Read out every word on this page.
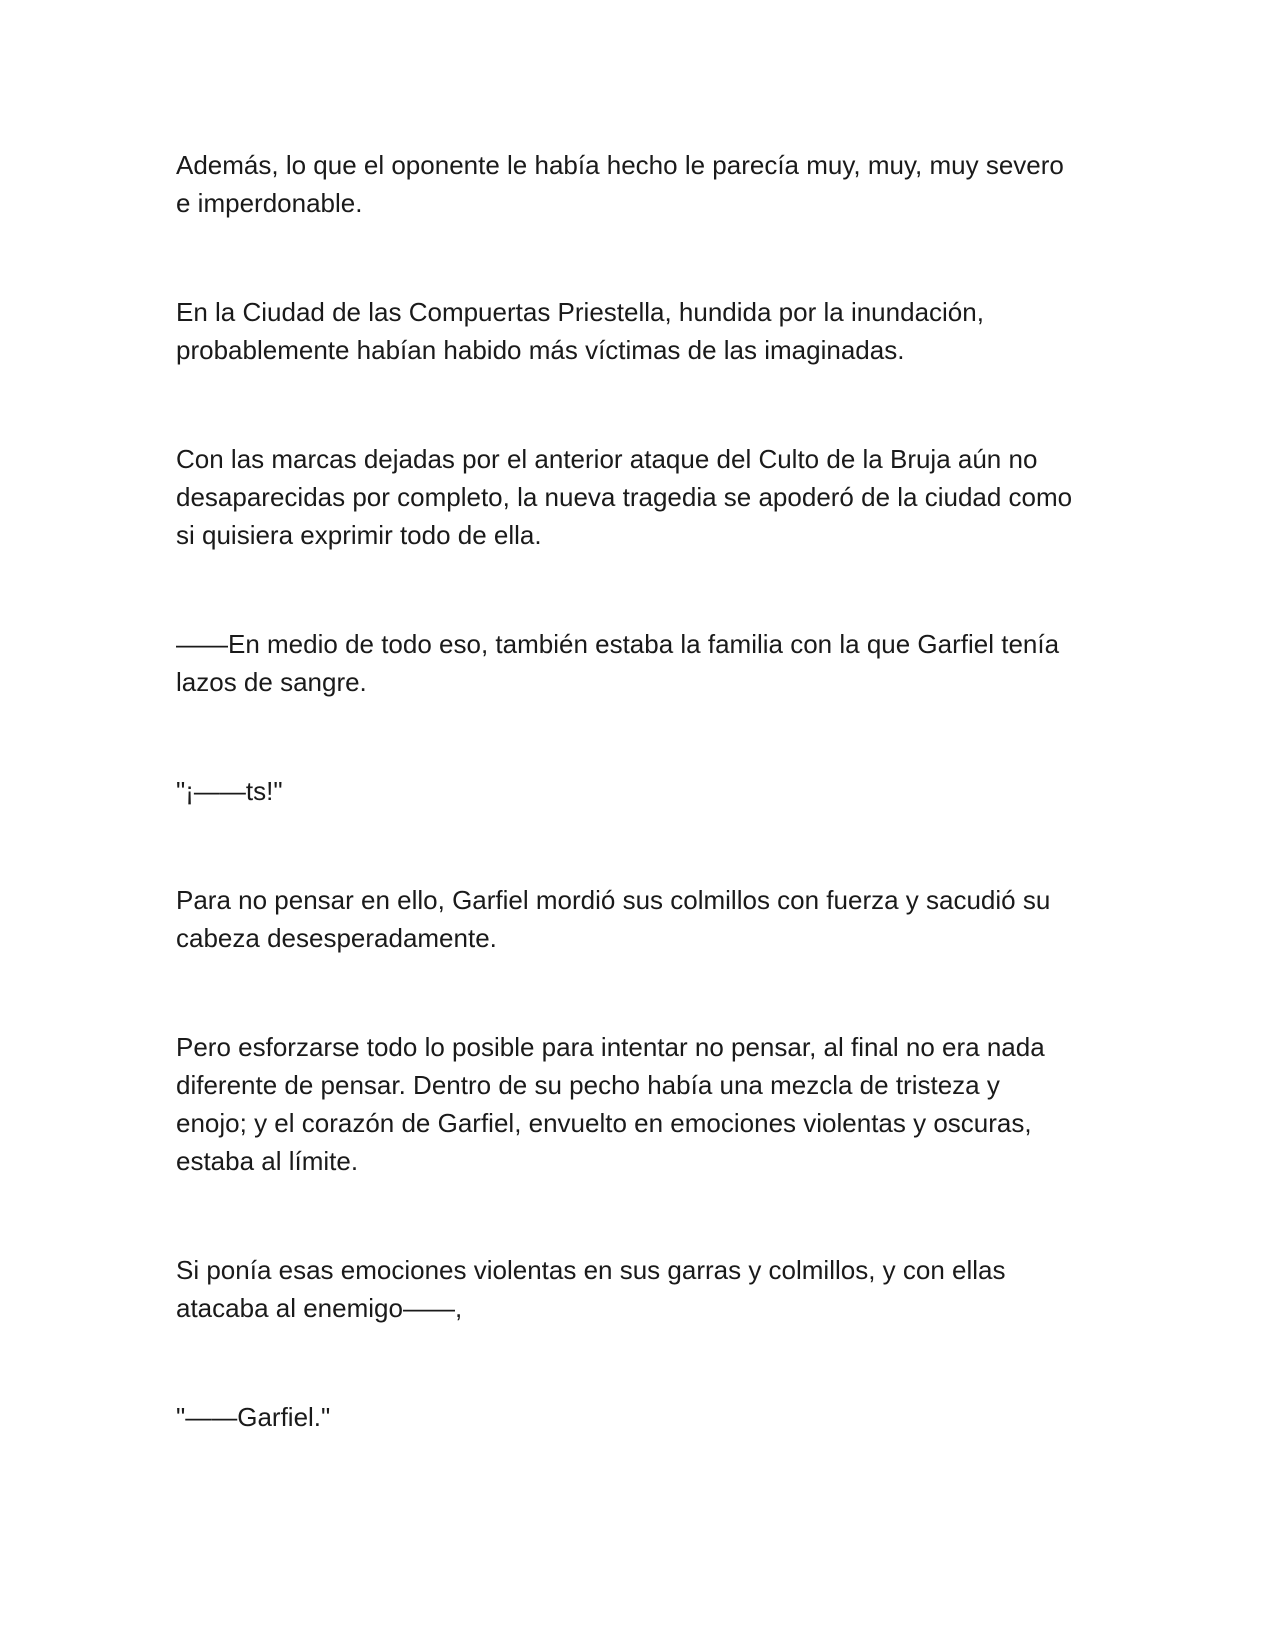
Además, lo que el oponente le había hecho le parecía muy, muy, muy severo
e imperdonable.

En la Ciudad de las Compuertas Priestella, hundida por la inundación,
probablemente habían habido más víctimas de las imaginadas.

Con las marcas dejadas por el anterior ataque del Culto de la Bruja aún no
desaparecidas por completo, la nueva tragedia se apoderó de la ciudad como
si quisiera exprimir todo de ella.

——En medio de todo eso, también estaba la familia con la que Garfiel tenía
lazos de sangre.

"¡——ts!"

Para no pensar en ello, Garfiel mordió sus colmillos con fuerza y sacudió su
cabeza desesperadamente.

Pero esforzarse todo lo posible para intentar no pensar, al final no era nada
diferente de pensar. Dentro de su pecho había una mezcla de tristeza y
enojo; y el corazón de Garfiel, envuelto en emociones violentas y oscuras,
estaba al límite.

Si ponía esas emociones violentas en sus garras y colmillos, y con ellas
atacaba al enemigo——,

"——Garfiel."
